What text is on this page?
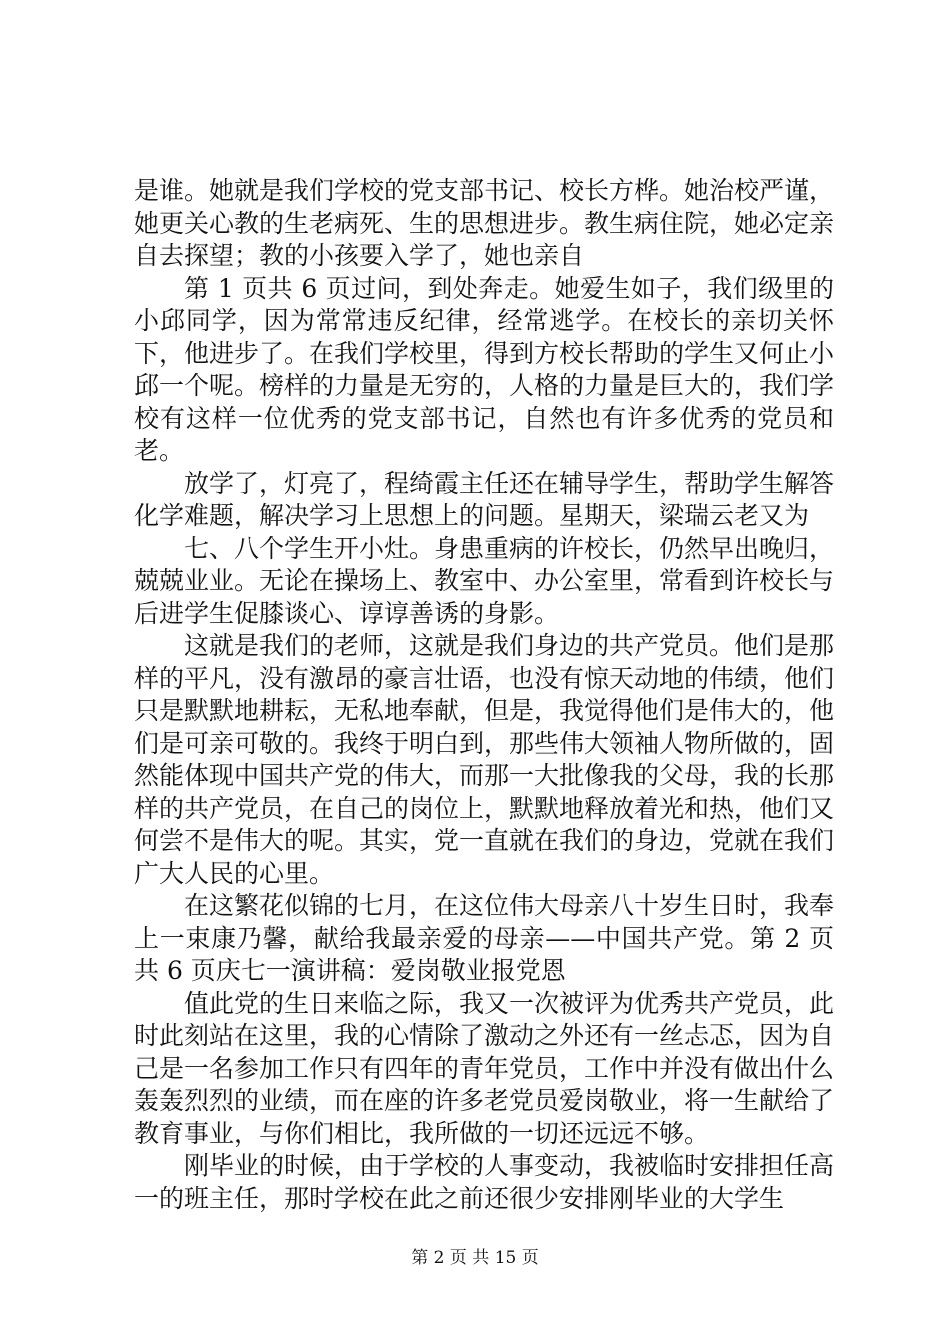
是谁。她就是我们学校的党支部书记、校长方桦。她治校严谨，她更关心教的生老病死、生的思想进步。教生病住院，她必定亲自去探望；教的小孩要入学了，她也亲自

第 1 页共 6 页过问，到处奔走。她爱生如子，我们级里的小邱同学，因为常常违反纪律，经常逃学。在校长的亲切关怀下，他进步了。在我们学校里，得到方校长帮助的学生又何止小邱一个呢。榜样的力量是无穷的，人格的力量是巨大的，我们学校有这样一位优秀的党支部书记，自然也有许多优秀的党员和老。

放学了，灯亮了，程绮霞主任还在辅导学生，帮助学生解答化学难题，解决学习上思想上的问题。星期天，梁瑞云老又为

七、八个学生开小灶。身患重病的许校长，仍然早出晚归，兢兢业业。无论在操场上、教室中、办公室里，常看到许校长与后进学生促膝谈心、谆谆善诱的身影。

这就是我们的老师，这就是我们身边的共产党员。他们是那样的平凡，没有激昂的豪言壮语，也没有惊天动地的伟绩，他们只是默默地耕耘，无私地奉献，但是，我觉得他们是伟大的，他们是可亲可敬的。我终于明白到，那些伟大领袖人物所做的，固然能体现中国共产党的伟大，而那一大批像我的父母，我的长那样的共产党员，在自己的岗位上，默默地释放着光和热，他们又何尝不是伟大的呢。其实，党一直就在我们的身边，党就在我们广大人民的心里。

在这繁花似锦的七月，在这位伟大母亲八十岁生日时，我奉上一束康乃馨，献给我最亲爱的母亲——中国共产党。第 2 页共 6 页庆七一演讲稿：爱岗敬业报党恩

值此党的生日来临之际，我又一次被评为优秀共产党员，此时此刻站在这里，我的心情除了激动之外还有一丝忐忑，因为自己是一名参加工作只有四年的青年党员，工作中并没有做出什么轰轰烈烈的业绩，而在座的许多老党员爱岗敬业，将一生献给了教育事业，与你们相比，我所做的一切还远远不够。

刚毕业的时候，由于学校的人事变动，我被临时安排担任高一的班主任，那时学校在此之前还很少安排刚毕业的大学生

第 2 页 共 15 页
